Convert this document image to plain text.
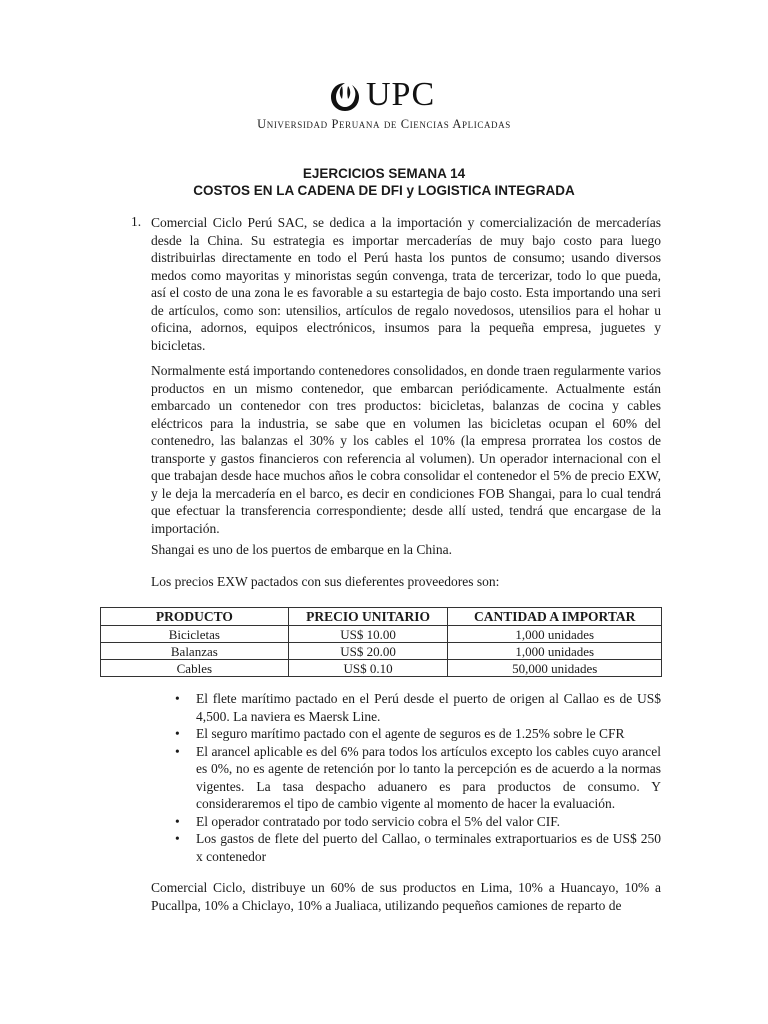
UPC
Universidad Peruana de Ciencias Aplicadas
EJERCICIOS SEMANA 14
COSTOS EN LA CADENA DE DFI y LOGISTICA INTEGRADA
1. Comercial Ciclo Perú SAC, se dedica a la importación y comercialización de mercaderías desde la China. Su estrategia es importar mercaderías de muy bajo costo para luego distribuirlas directamente en todo el Perú hasta los puntos de consumo; usando diversos medos como mayoritas y minoristas según convenga, trata de tercerizar, todo lo que pueda, así el costo de una zona le es favorable a su estartegia de bajo costo. Esta importando una seri de artículos, como son: utensilios, artículos de regalo novedosos, utensilios para el hohar u oficina, adornos, equipos electrónicos, insumos para la pequeña empresa, juguetes y bicicletas.
Normalmente está importando contenedores consolidados, en donde traen regularmente varios productos en un mismo contenedor, que embarcan periódicamente. Actualmente están embarcado un contenedor con tres productos: bicicletas, balanzas de cocina y cables eléctricos para la industria, se sabe que en volumen las bicicletas ocupan el 60% del contenedro, las balanzas el 30% y los cables el 10% (la empresa prorratea los costos de transporte y gastos financieros con referencia al volumen). Un operador internacional con el que trabajan desde hace muchos años le cobra consolidar el contenedor el 5% de precio EXW, y le deja la mercadería en el barco, es decir en condiciones FOB Shangai, para lo cual tendrá que efectuar la transferencia correspondiente; desde allí usted, tendrá que encargase de la importación.
Shangai es uno de los puertos de embarque en la China.
Los precios EXW pactados con sus dieferentes proveedores son:
PRODUCTO	PRECIO UNITARIO	CANTIDAD A IMPORTAR
Bicicletas	US$ 10.00	1,000 unidades
Balanzas	US$ 20.00	1,000 unidades
Cables	US$ 0.10	50,000 unidades
• El flete marítimo pactado en el Perú desde el puerto de origen al Callao es de US$ 4,500. La naviera es Maersk Line.
• El seguro marítimo pactado con el agente de seguros es de 1.25% sobre le CFR
• El arancel aplicable es del 6% para todos los artículos excepto los cables cuyo arancel es 0%, no es agente de retención por lo tanto la percepción es de acuerdo a la normas vigentes. La tasa despacho aduanero es para productos de consumo. Y consideraremos el tipo de cambio vigente al momento de hacer la evaluación.
• El operador contratado por todo servicio cobra el 5% del valor CIF.
• Los gastos de flete del puerto del Callao, o terminales extraportuarios es de US$ 250 x contenedor
Comercial Ciclo, distribuye un 60% de sus productos en Lima, 10% a Huancayo, 10% a Pucallpa, 10% a Chiclayo, 10% a Jualiaca, utilizando pequeños camiones de reparto de
